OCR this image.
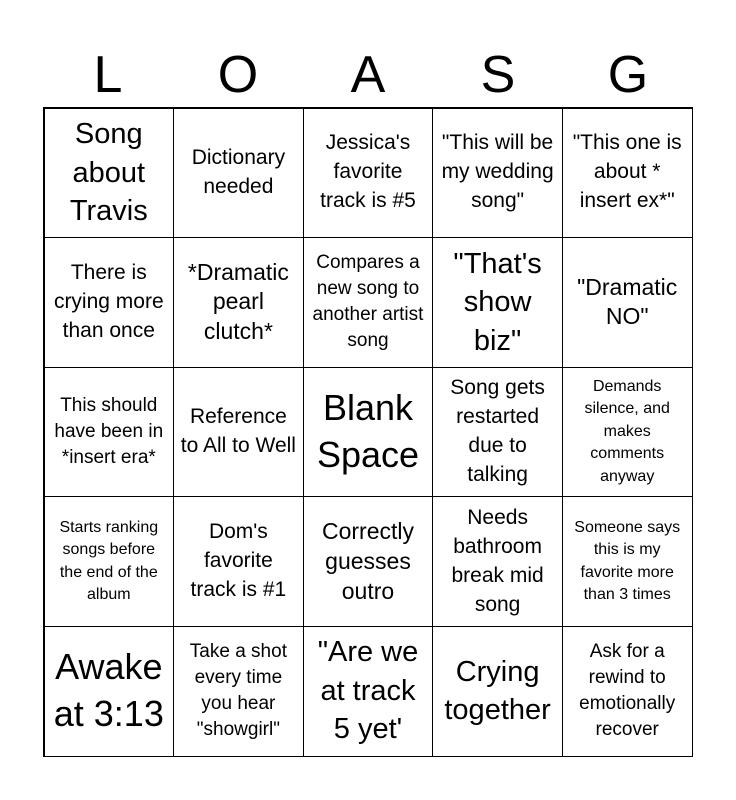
L	O	A	S	G
Song about Travis
Dictionary needed
Jessica's favorite track is #5
"This will be my wedding song"
"This one is about * insert ex*"
There is crying more than once
*Dramatic pearl clutch*
Compares a new song to another artist song
"That's show biz"
"Dramatic NO"
This should have been in *insert era*
Reference to All to Well
Blank Space
Song gets restarted due to talking
Demands silence, and makes comments anyway
Starts ranking songs before the end of the album
Dom's favorite track is #1
Correctly guesses outro
Needs bathroom break mid song
Someone says this is my favorite more than 3 times
Awake at 3:13
Take a shot every time you hear "showgirl"
"Are we at track 5 yet'
Crying together
Ask for a rewind to emotionally recover
